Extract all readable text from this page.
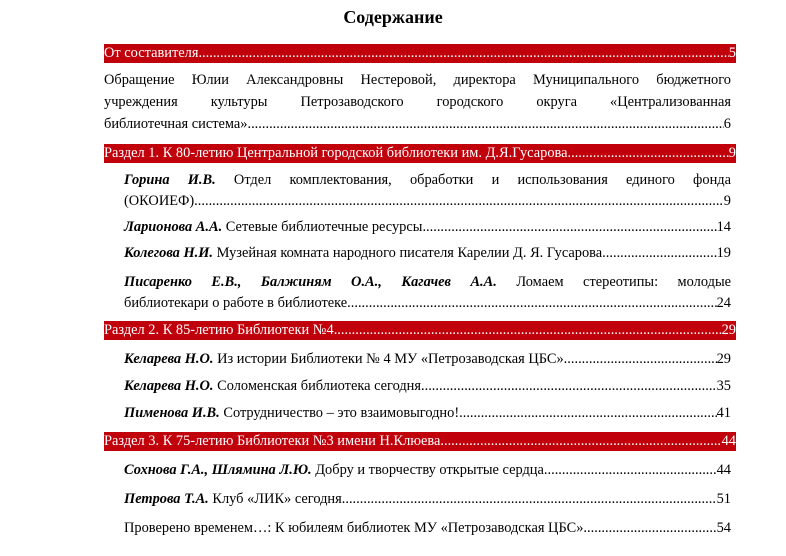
Содержание
От составителя .....	5
Обращение Юлии Александровны Нестеровой, директора Муниципального бюджетного
учреждения культуры Петрозаводского городского округа «Централизованная
библиотечная система» .....	6
Раздел 1. К 80-летию Центральной городской библиотеки им. Д.Я.Гусарова .....	9
Горина И.В. Отдел комплектования, обработки и использования единого фонда
(ОКОИЕФ) .....	9
Ларионова А.А. Сетевые библиотечные ресурсы .....	14
Колегова Н.И. Музейная комната народного писателя Карелии Д. Я. Гусарова .....	19
Писаренко Е.В., Балжиням О.А., Кагачев А.А. Ломаем стереотипы: молодые
библиотекари о работе в библиотеке .....	24
Раздел 2. К 85-летию Библиотеки №4 .....	29
Келарева Н.О. Из истории Библиотеки № 4 МУ «Петрозаводская ЦБС» .....	29
Келарева Н.О. Соломенская библиотека сегодня .....	35
Пименова И.В. Сотрудничество – это взаимовыгодно! .....	41
Раздел 3. К 75-летию Библиотеки №3 имени Н.Клюева .....	44
Сохнова Г.А., Шлямина Л.Ю. Добру и творчеству открытые сердца .....	44
Петрова Т.А. Клуб «ЛИК» сегодня .....	51
Проверено временем…: К юбилеям библиотек МУ «Петрозаводская ЦБС» .....	54
